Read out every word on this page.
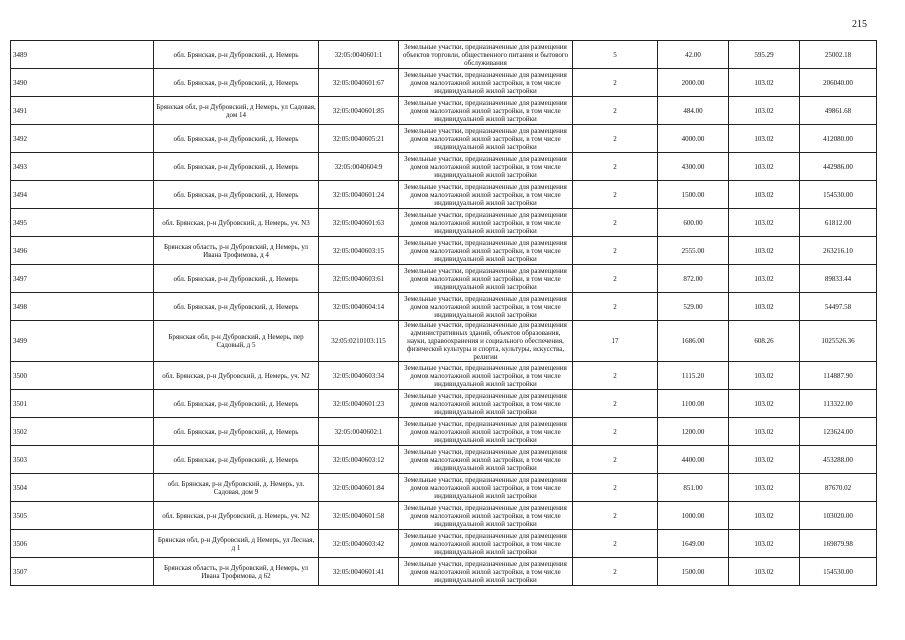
215
3489	обл. Брянская, р-н Дубровский, д. Немерь	32:05:0040601:1	Земельные участки, предназначенные для размещения объектов торговли, общественного питания и бытового обслуживания	5	42.00	595.29	25002.18
3490	обл. Брянская, р-н Дубровский, д. Немерь	32:05:0040601:67	Земельные участки, предназначенные для размещения домов малоэтажной жилой застройки, в том числе индивидуальной жилой застройки	2	2000.00	103.02	206040.00
3491	Брянская обл, р-н Дубровский, д Немерь, ул Садовая, дом 14	32:05:0040601:85	Земельные участки, предназначенные для размещения домов малоэтажной жилой застройки, в том числе индивидуальной жилой застройки	2	484.00	103.02	49861.68
3492	обл. Брянская, р-н Дубровский, д. Немерь	32:05:0040605:21	Земельные участки, предназначенные для размещения домов малоэтажной жилой застройки, в том числе индивидуальной жилой застройки	2	4000.00	103.02	412080.00
3493	обл. Брянская, р-н Дубровский, д. Немерь	32:05:0040604:9	Земельные участки, предназначенные для размещения домов малоэтажной жилой застройки, в том числе индивидуальной жилой застройки	2	4300.00	103.02	442986.00
3494	обл. Брянская, р-н Дубровский, д. Немерь	32:05:0040601:24	Земельные участки, предназначенные для размещения домов малоэтажной жилой застройки, в том числе индивидуальной жилой застройки	2	1500.00	103.02	154530.00
3495	обл. Брянская, р-н Дубровский, д. Немерь, уч. N3	32:05:0040601:63	Земельные участки, предназначенные для размещения домов малоэтажной жилой застройки, в том числе индивидуальной жилой застройки	2	600.00	103.02	61812.00
3496	Брянская область, р-н Дубровский, д Немерь, ул Ивана Трофимова, д 4	32:05:0040603:15	Земельные участки, предназначенные для размещения домов малоэтажной жилой застройки, в том числе индивидуальной жилой застройки	2	2555.00	103.02	263216.10
3497	обл. Брянская, р-н Дубровский, д. Немерь	32:05:0040603:61	Земельные участки, предназначенные для размещения домов малоэтажной жилой застройки, в том числе индивидуальной жилой застройки	2	872.00	103.02	89833.44
3498	обл. Брянская, р-н Дубровский, д. Немерь	32:05:0040604:14	Земельные участки, предназначенные для размещения домов малоэтажной жилой застройки, в том числе индивидуальной жилой застройки	2	529.00	103.02	54497.58
3499	Брянская обл, р-н Дубровский, д Немерь, пер Садовый, д 5	32:05:0210103:115	Земельные участки, предназначенные для размещения административных зданий, объектов образования, науки, здравоохранения и социального обеспечения, физической культуры и спорта, культуры, искусства, религии	17	1686.00	608.26	1025526.36
3500	обл. Брянская, р-н Дубровский, д. Немерь, уч. N2	32:05:0040603:34	Земельные участки, предназначенные для размещения домов малоэтажной жилой застройки, в том числе индивидуальной жилой застройки	2	1115.20	103.02	114887.90
3501	обл. Брянская, р-н Дубровский, д. Немерь	32:05:0040601:23	Земельные участки, предназначенные для размещения домов малоэтажной жилой застройки, в том числе индивидуальной жилой застройки	2	1100.00	103.02	113322.00
3502	обл. Брянская, р-н Дубровский, д. Немерь	32:05:0040602:1	Земельные участки, предназначенные для размещения домов малоэтажной жилой застройки, в том числе индивидуальной жилой застройки	2	1200.00	103.02	123624.00
3503	обл. Брянская, р-н Дубровский, д. Немерь	32:05:0040603:12	Земельные участки, предназначенные для размещения домов малоэтажной жилой застройки, в том числе индивидуальной жилой застройки	2	4400.00	103.02	453288.00
3504	обл. Брянская, р-н Дубровский, д. Немерь, ул. Садовая, дом 9	32:05:0040601:84	Земельные участки, предназначенные для размещения домов малоэтажной жилой застройки, в том числе индивидуальной жилой застройки	2	851.00	103.02	87670.02
3505	обл. Брянская, р-н Дубровский, д. Немерь, уч. N2	32:05:0040601:58	Земельные участки, предназначенные для размещения домов малоэтажной жилой застройки, в том числе индивидуальной жилой застройки	2	1000.00	103.02	103020.00
3506	Брянская обл, р-н Дубровский, д Немерь, ул Лесная, д 1	32:05:0040603:42	Земельные участки, предназначенные для размещения домов малоэтажной жилой застройки, в том числе индивидуальной жилой застройки	2	1649.00	103.02	169879.98
3507	Брянская область, р-н Дубровский, д Немерь, ул Ивана Трофимова, д 62	32:05:0040601:41	Земельные участки, предназначенные для размещения домов малоэтажной жилой застройки, в том числе индивидуальной жилой застройки	2	1500.00	103.02	154530.00
